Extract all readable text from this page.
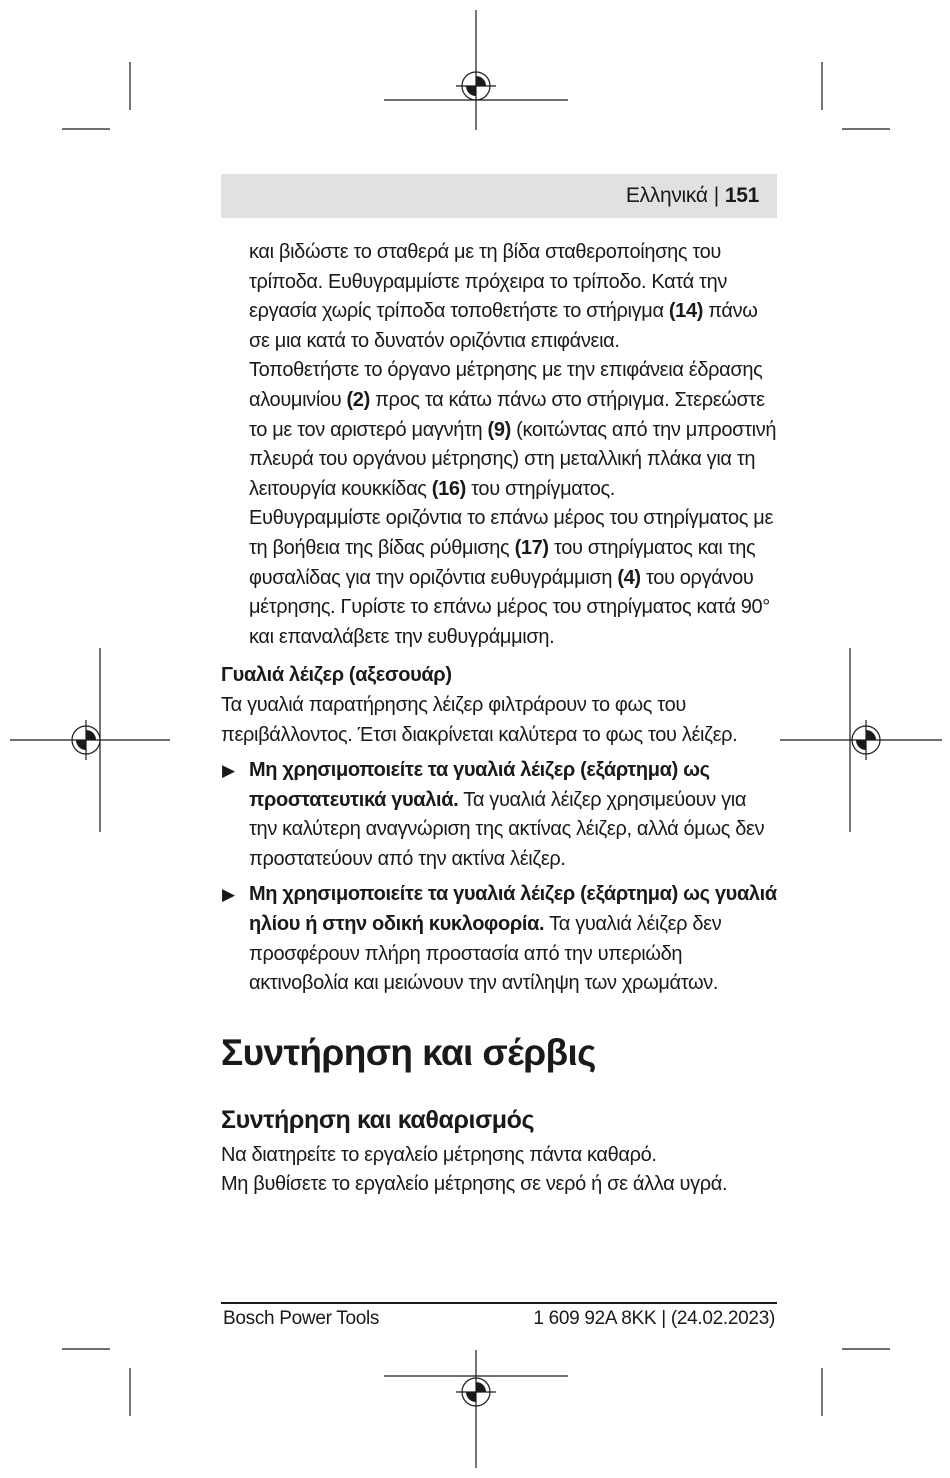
Ελληνικά | 151

και βιδώστε το σταθερά με τη βίδα σταθεροποίησης του τρίποδα. Ευθυγραμμίστε πρόχειρα το τρίποδο. Κατά την εργασία χωρίς τρίποδα τοποθετήστε το στήριγμα (14) πάνω σε μια κατά το δυνατόν οριζόντια επιφάνεια.

Τοποθετήστε το όργανο μέτρησης με την επιφάνεια έδρασης αλουμινίου (2) προς τα κάτω πάνω στο στήριγμα. Στερεώστε το με τον αριστερό μαγνήτη (9) (κοιτώντας από την μπροστινή πλευρά του οργάνου μέτρησης) στη μεταλλική πλάκα για τη λειτουργία κουκκίδας (16) του στηρίγματος.

Ευθυγραμμίστε οριζόντια το επάνω μέρος του στηρίγματος με τη βοήθεια της βίδας ρύθμισης (17) του στηρίγματος και της φυσαλίδας για την οριζόντια ευθυγράμμιση (4) του οργάνου μέτρησης. Γυρίστε το επάνω μέρος του στηρίγματος κατά 90° και επαναλάβετε την ευθυγράμμιση.

Γυαλιά λέιζερ (αξεσουάρ)

Τα γυαλιά παρατήρησης λέιζερ φιλτράρουν το φως του περιβάλλοντος. Έτσι διακρίνεται καλύτερα το φως του λέιζερ.

▶ Μη χρησιμοποιείτε τα γυαλιά λέιζερ (εξάρτημα) ως προστατευτικά γυαλιά. Τα γυαλιά λέιζερ χρησιμεύουν για την καλύτερη αναγνώριση της ακτίνας λέιζερ, αλλά όμως δεν προστατεύουν από την ακτίνα λέιζερ.

▶ Μη χρησιμοποιείτε τα γυαλιά λέιζερ (εξάρτημα) ως γυαλιά ηλίου ή στην οδική κυκλοφορία. Τα γυαλιά λέιζερ δεν προσφέρουν πλήρη προστασία από την υπεριώδη ακτινοβολία και μειώνουν την αντίληψη των χρωμάτων.

Συντήρηση και σέρβις

Συντήρηση και καθαρισμός

Να διατηρείτε το εργαλείο μέτρησης πάντα καθαρό.

Μη βυθίσετε το εργαλείο μέτρησης σε νερό ή σε άλλα υγρά.

Bosch Power Tools	1 609 92A 8KK | (24.02.2023)
